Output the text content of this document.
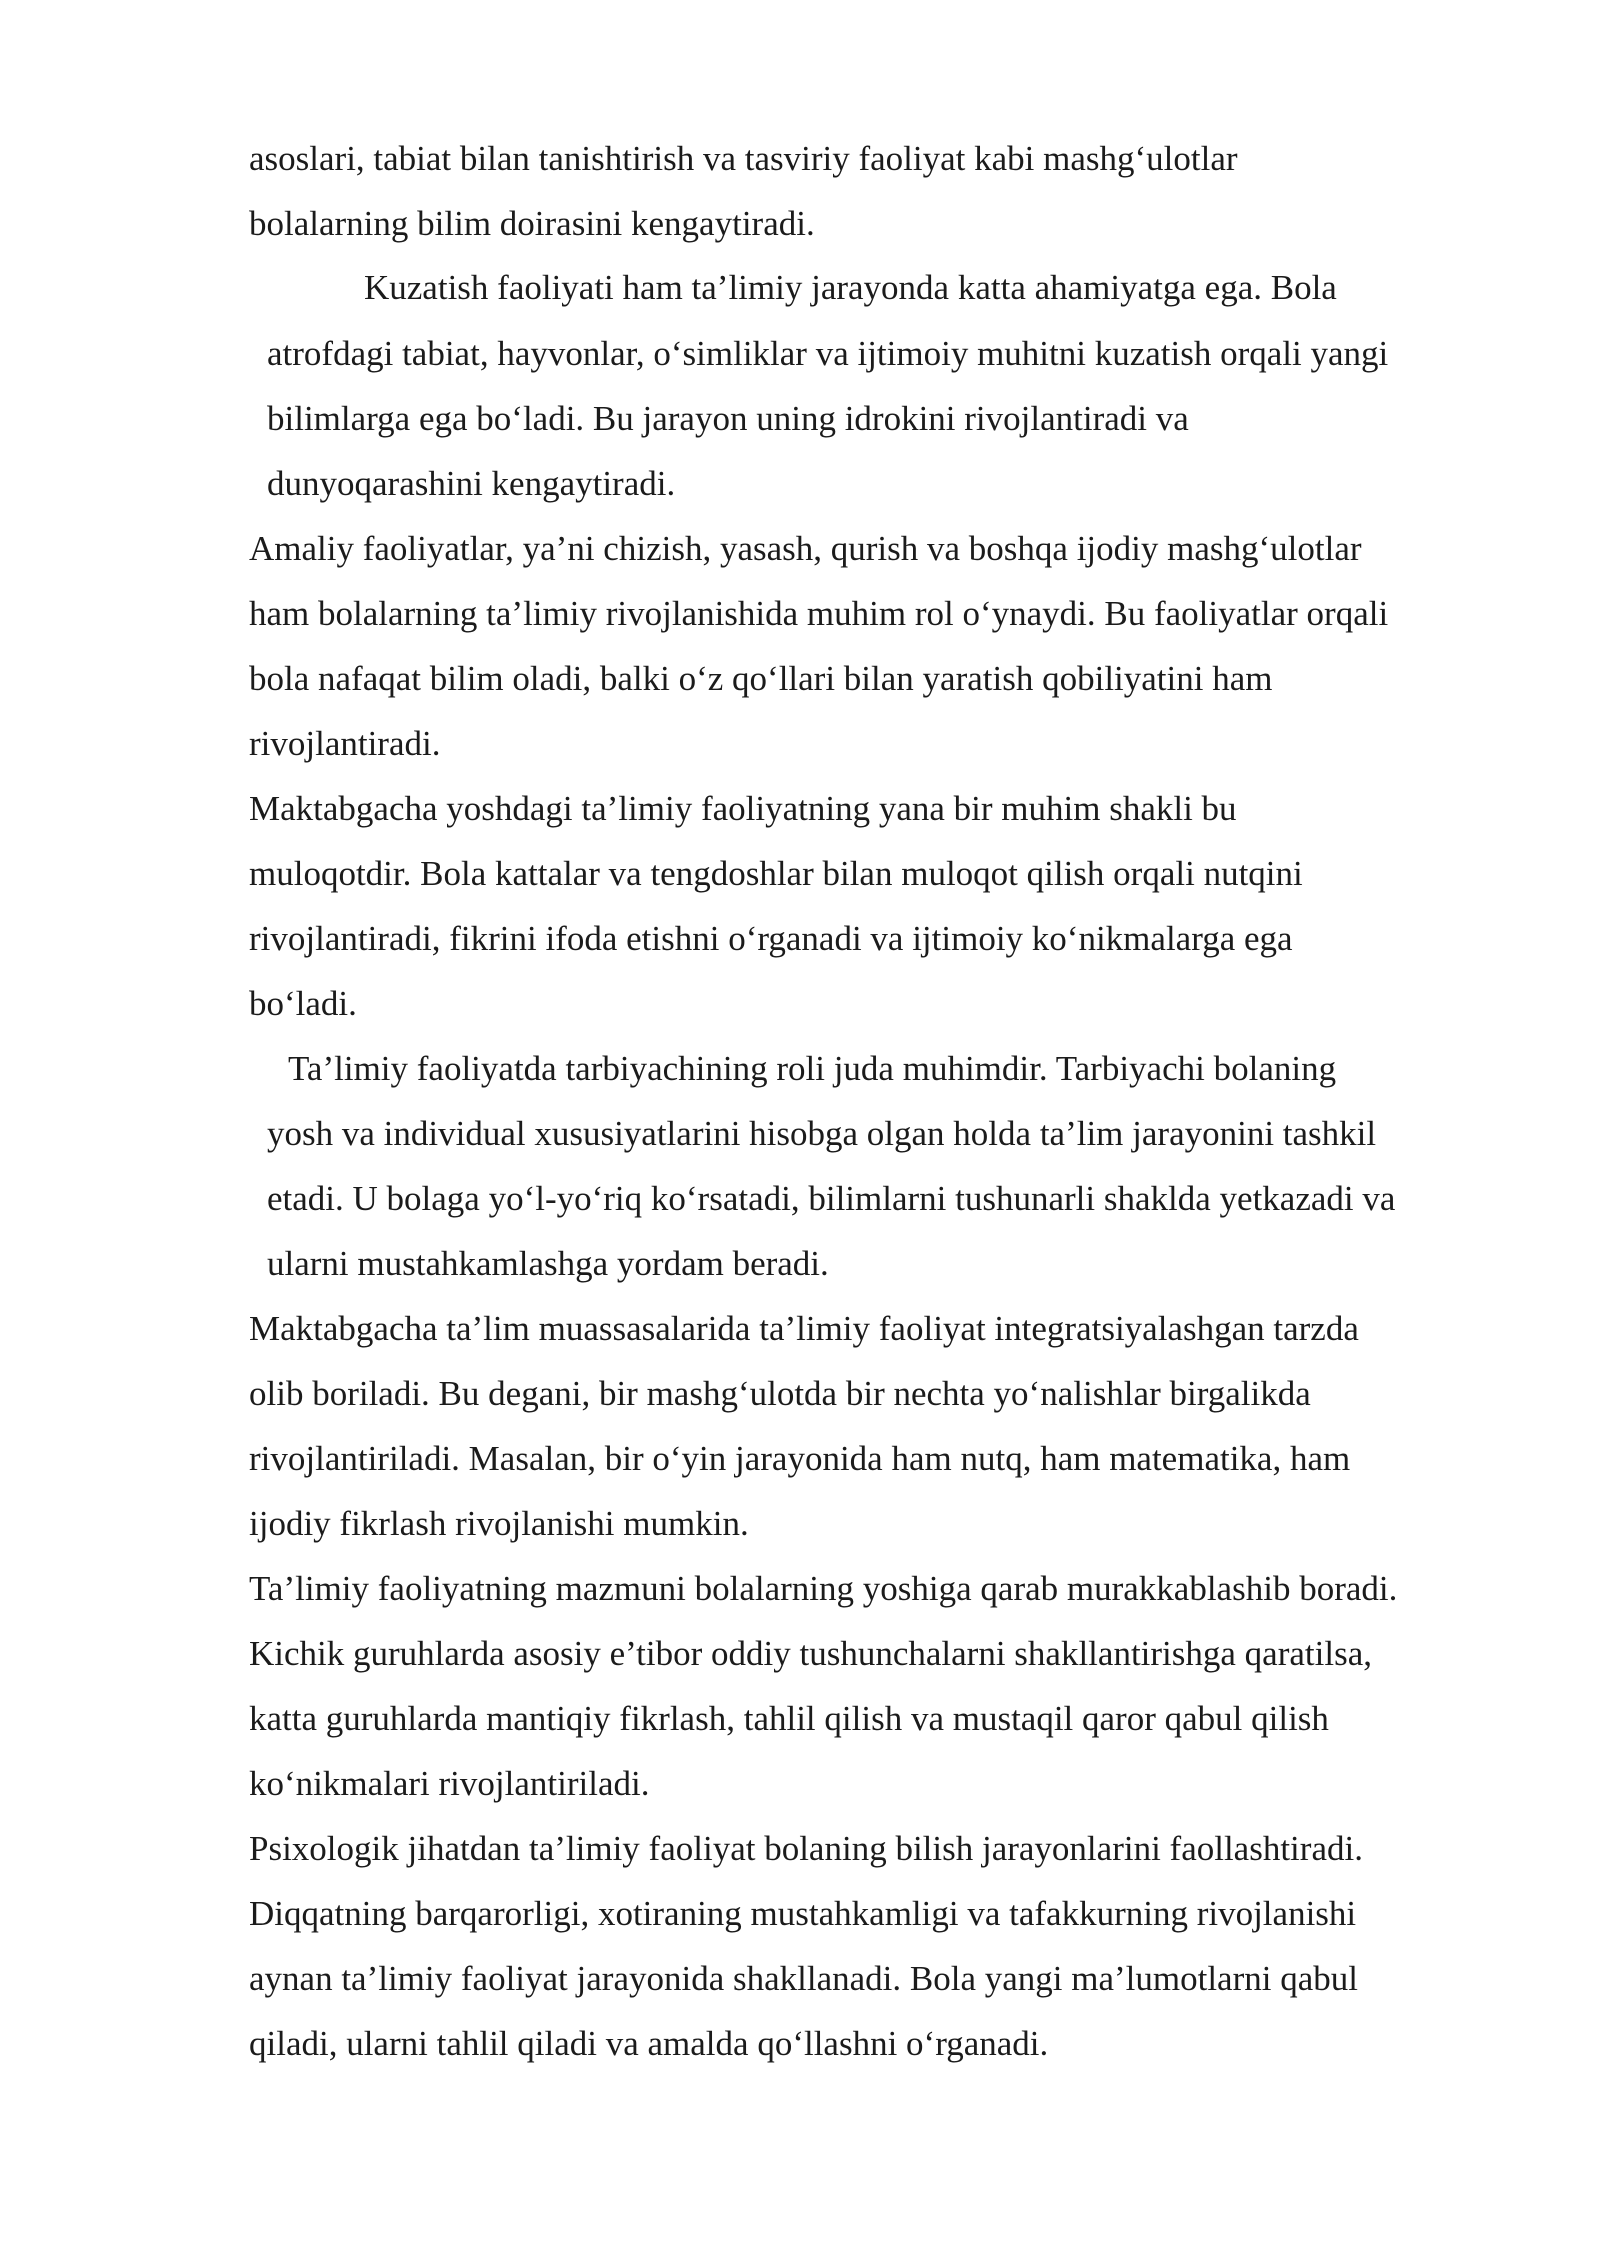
asoslari, tabiat bilan tanishtirish va tasviriy faoliyat kabi mashg‘ulotlar

bolalarning bilim doirasini kengaytiradi.

Kuzatish faoliyati ham ta’limiy jarayonda katta ahamiyatga ega. Bola

atrofdagi tabiat, hayvonlar, o‘simliklar va ijtimoiy muhitni kuzatish orqali yangi

bilimlarga ega bo‘ladi. Bu jarayon uning idrokini rivojlantiradi va

dunyoqarashini kengaytiradi.

Amaliy faoliyatlar, ya’ni chizish, yasash, qurish va boshqa ijodiy mashg‘ulotlar

ham bolalarning ta’limiy rivojlanishida muhim rol o‘ynaydi. Bu faoliyatlar orqali

bola nafaqat bilim oladi, balki o‘z qo‘llari bilan yaratish qobiliyatini ham

rivojlantiradi.

Maktabgacha yoshdagi ta’limiy faoliyatning yana bir muhim shakli bu

muloqotdir. Bola kattalar va tengdoshlar bilan muloqot qilish orqali nutqini

rivojlantiradi, fikrini ifoda etishni o‘rganadi va ijtimoiy ko‘nikmalarga ega

bo‘ladi.

Ta’limiy faoliyatda tarbiyachining roli juda muhimdir. Tarbiyachi bolaning

yosh va individual xususiyatlarini hisobga olgan holda ta’lim jarayonini tashkil

etadi. U bolaga yo‘l-yo‘riq ko‘rsatadi, bilimlarni tushunarli shaklda yetkazadi va

ularni mustahkamlashga yordam beradi.

Maktabgacha ta’lim muassasalarida ta’limiy faoliyat integratsiyalashgan tarzda

olib boriladi. Bu degani, bir mashg‘ulotda bir nechta yo‘nalishlar birgalikda

rivojlantiriladi. Masalan, bir o‘yin jarayonida ham nutq, ham matematika, ham

ijodiy fikrlash rivojlanishi mumkin.

Ta’limiy faoliyatning mazmuni bolalarning yoshiga qarab murakkablashib boradi.

Kichik guruhlarda asosiy e’tibor oddiy tushunchalarni shakllantirishga qaratilsa,

katta guruhlarda mantiqiy fikrlash, tahlil qilish va mustaqil qaror qabul qilish

ko‘nikmalari rivojlantiriladi.

Psixologik jihatdan ta’limiy faoliyat bolaning bilish jarayonlarini faollashtiradi.

Diqqatning barqarorligi, xotiraning mustahkamligi va tafakkurning rivojlanishi

aynan ta’limiy faoliyat jarayonida shakllanadi. Bola yangi ma’lumotlarni qabul

qiladi, ularni tahlil qiladi va amalda qo‘llashni o‘rganadi.
